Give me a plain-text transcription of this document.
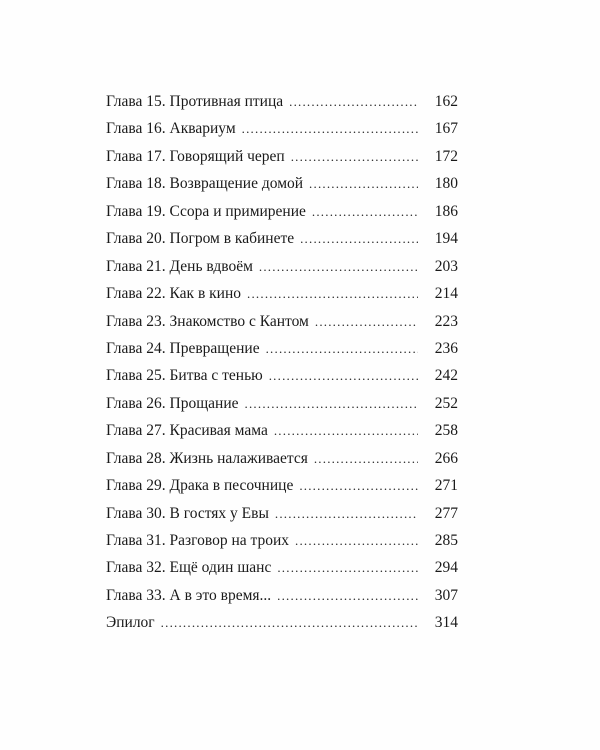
Глава 15. Противная птица .....	162
Глава 16. Аквариум .....	167
Глава 17. Говорящий череп .....	172
Глава 18. Возвращение домой .....	180
Глава 19. Ссора и примирение .....	186
Глава 20. Погром в кабинете .....	194
Глава 21. День вдвоём .....	203
Глава 22. Как в кино .....	214
Глава 23. Знакомство с Кантом .....	223
Глава 24. Превращение .....	236
Глава 25. Битва с тенью .....	242
Глава 26. Прощание .....	252
Глава 27. Красивая мама .....	258
Глава 28. Жизнь налаживается .....	266
Глава 29. Драка в песочнице .....	271
Глава 30. В гостях у Евы .....	277
Глава 31. Разговор на троих .....	285
Глава 32. Ещё один шанс .....	294
Глава 33. А в это время... .....	307
Эпилог .....	314
